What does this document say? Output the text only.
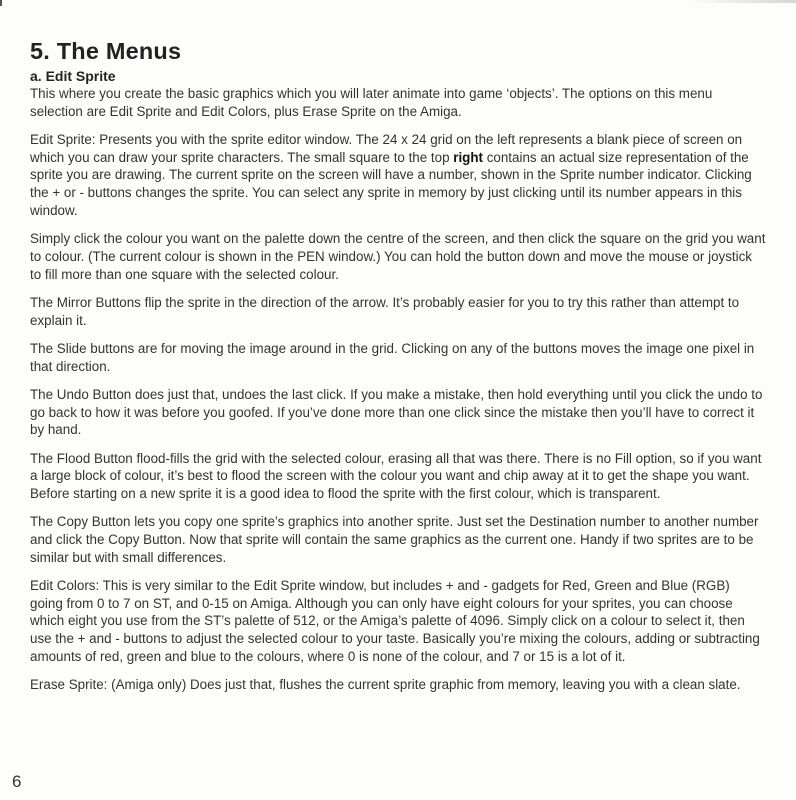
5. The Menus
a. Edit Sprite

This where you create the basic graphics which you will later animate into game ‘objects’. The options on this menu selection are Edit Sprite and Edit Colors, plus Erase Sprite on the Amiga.

Edit Sprite: Presents you with the sprite editor window. The 24 x 24 grid on the left represents a blank piece of screen on which you can draw your sprite characters. The small square to the top right contains an actual size representation of the sprite you are drawing. The current sprite on the screen will have a number, shown in the Sprite number indicator. Clicking the + or - buttons changes the sprite. You can select any sprite in memory by just clicking until its number appears in this window.

Simply click the colour you want on the palette down the centre of the screen, and then click the square on the grid you want to colour. (The current colour is shown in the PEN window.) You can hold the button down and move the mouse or joystick to fill more than one square with the selected colour.

The Mirror Buttons flip the sprite in the direction of the arrow. It’s probably easier for you to try this rather than attempt to explain it.

The Slide buttons are for moving the image around in the grid. Clicking on any of the buttons moves the image one pixel in that direction.

The Undo Button does just that, undoes the last click. If you make a mistake, then hold everything until you click the undo to go back to how it was before you goofed. If you’ve done more than one click since the mistake then you’ll have to correct it by hand.

The Flood Button flood-fills the grid with the selected colour, erasing all that was there. There is no Fill option, so if you want a large block of colour, it’s best to flood the screen with the colour you want and chip away at it to get the shape you want. Before starting on a new sprite it is a good idea to flood the sprite with the first colour, which is transparent.

The Copy Button lets you copy one sprite’s graphics into another sprite. Just set the Destination number to another number and click the Copy Button. Now that sprite will contain the same graphics as the current one. Handy if two sprites are to be similar but with small differences.

Edit Colors: This is very similar to the Edit Sprite window, but includes + and - gadgets for Red, Green and Blue (RGB) going from 0 to 7 on ST, and 0-15 on Amiga. Although you can only have eight colours for your sprites, you can choose which eight you use from the ST’s palette of 512, or the Amiga’s palette of 4096. Simply click on a colour to select it, then use the + and - buttons to adjust the selected colour to your taste. Basically you’re mixing the colours, adding or subtracting amounts of red, green and blue to the colours, where 0 is none of the colour, and 7 or 15 is a lot of it.

Erase Sprite: (Amiga only) Does just that, flushes the current sprite graphic from memory, leaving you with a clean slate.

6
